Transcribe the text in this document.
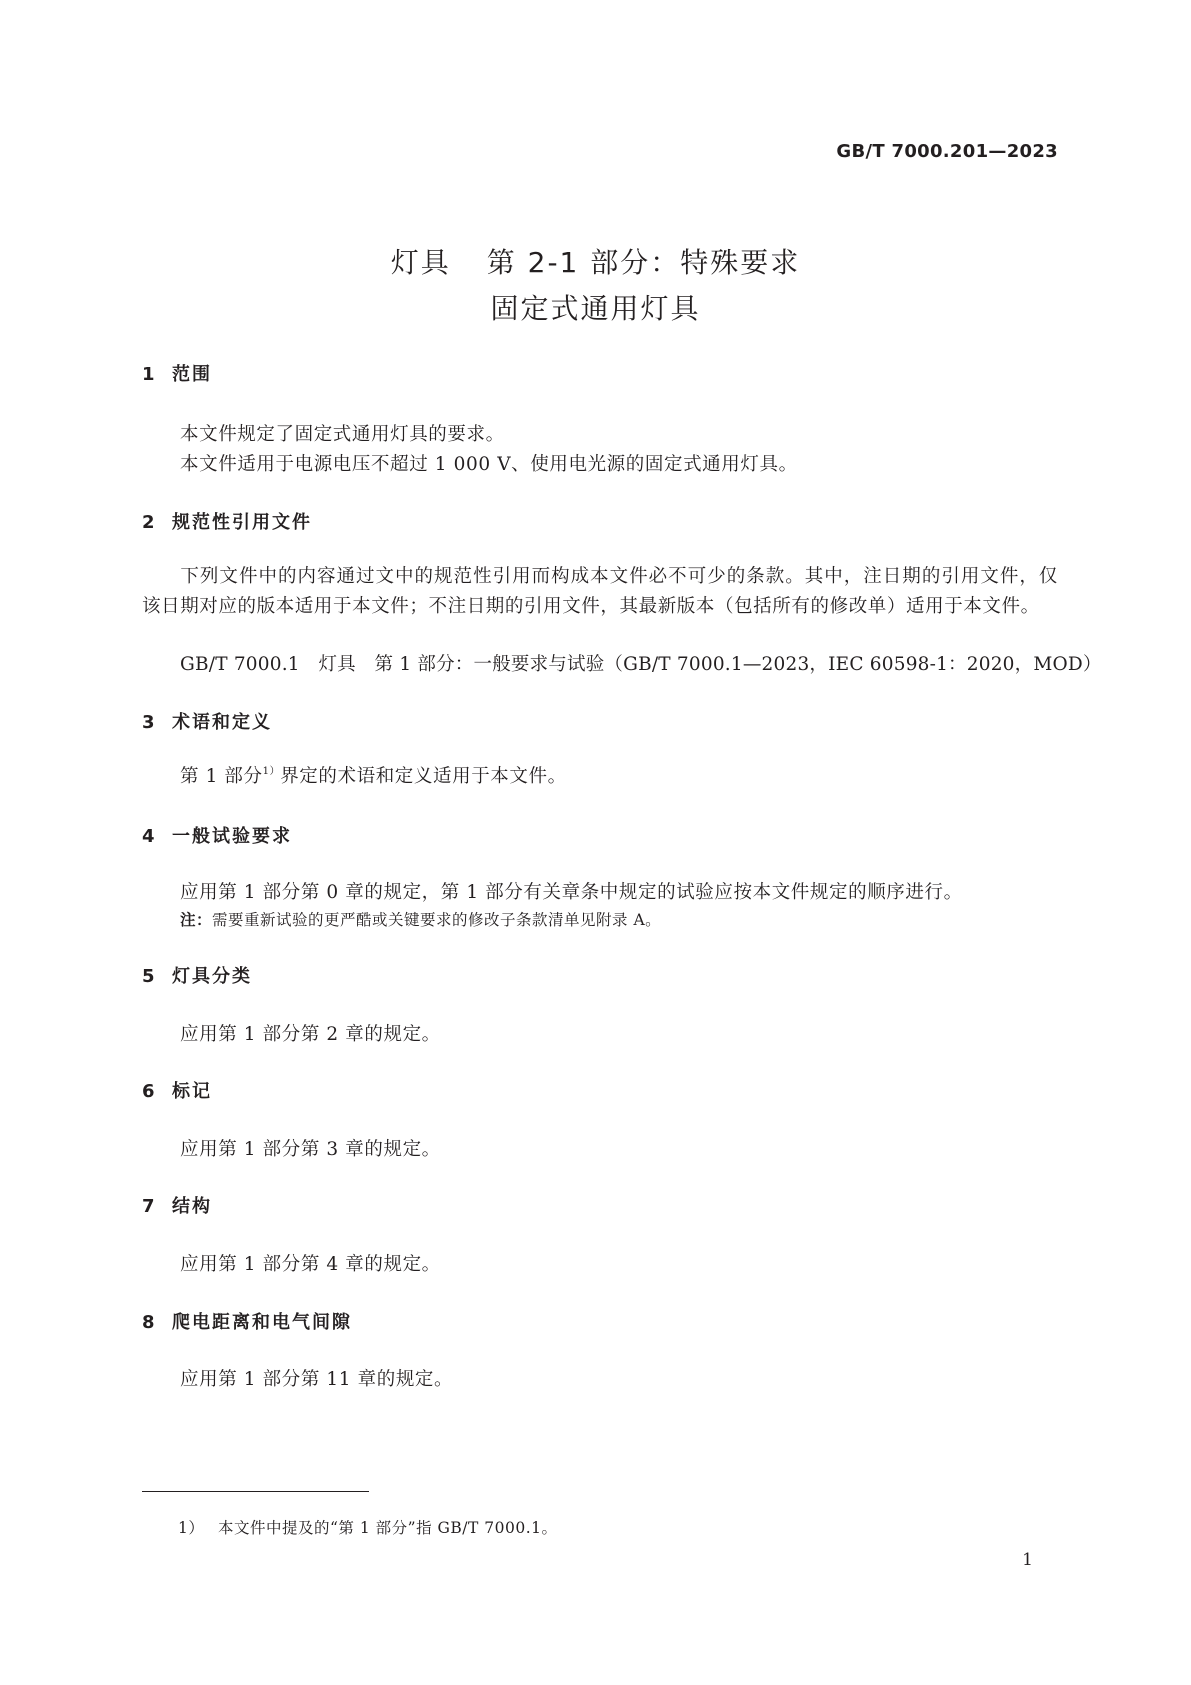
GB/T 7000.201—2023
灯具 第 2-1 部分：特殊要求
固定式通用灯具
1 范围
本文件规定了固定式通用灯具的要求。
本文件适用于电源电压不超过 1 000 V、使用电光源的固定式通用灯具。
2 规范性引用文件
下列文件中的内容通过文中的规范性引用而构成本文件必不可少的条款。其中，注日期的引用文件，仅该日期对应的版本适用于本文件；不注日期的引用文件，其最新版本（包括所有的修改单）适用于本文件。
GB/T 7000.1　灯具　第 1 部分：一般要求与试验（GB/T 7000.1—2023，IEC 60598-1：2020，MOD）
3 术语和定义
第 1 部分$^{1)}$界定的术语和定义适用于本文件。
4 一般试验要求
应用第 1 部分第 0 章的规定，第 1 部分有关章条中规定的试验应按本文件规定的顺序进行。
注：需要重新试验的更严酷或关键要求的修改子条款清单见附录 A。
5 灯具分类
应用第 1 部分第 2 章的规定。
6 标记
应用第 1 部分第 3 章的规定。
7 结构
应用第 1 部分第 4 章的规定。
8 爬电距离和电气间隙
应用第 1 部分第 11 章的规定。
1） 本文件中提及的“第 1 部分”指 GB/T 7000.1。
1
